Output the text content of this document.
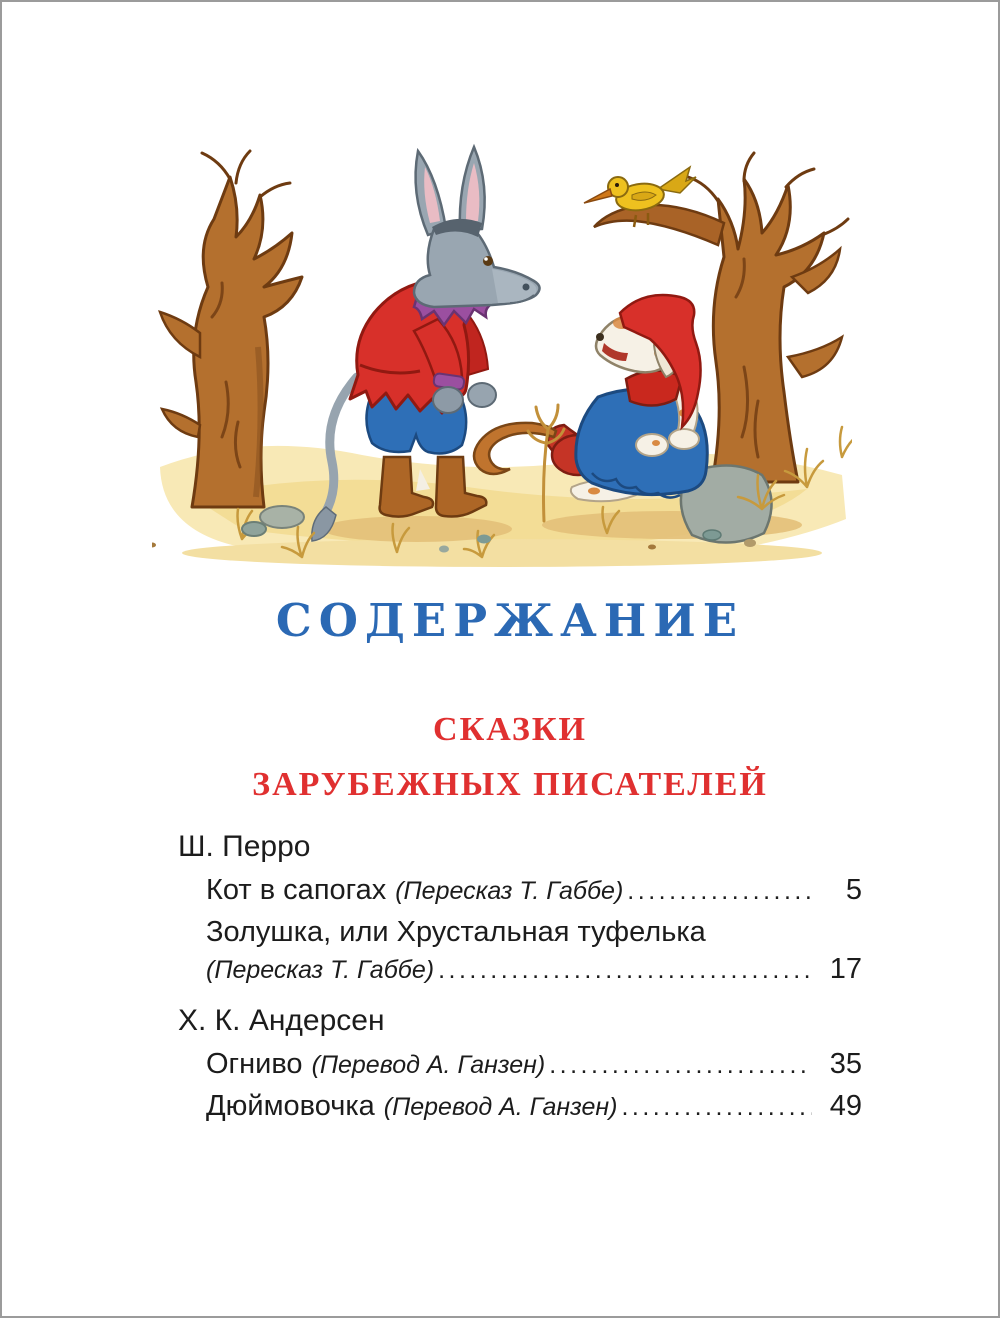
СОДЕРЖАНИЕ
СКАЗКИ
ЗАРУБЕЖНЫХ ПИСАТЕЛЕЙ
Ш. Перро
Кот в сапогах (Пересказ Т. Габбе) .....	5
Золушка, или Хрустальная туфелька
(Пересказ Т. Габбе) .....	17
Х. К. Андерсен
Огниво (Перевод А. Ганзен) .....	35
Дюймовочка (Перевод А. Ганзен) .....	49
